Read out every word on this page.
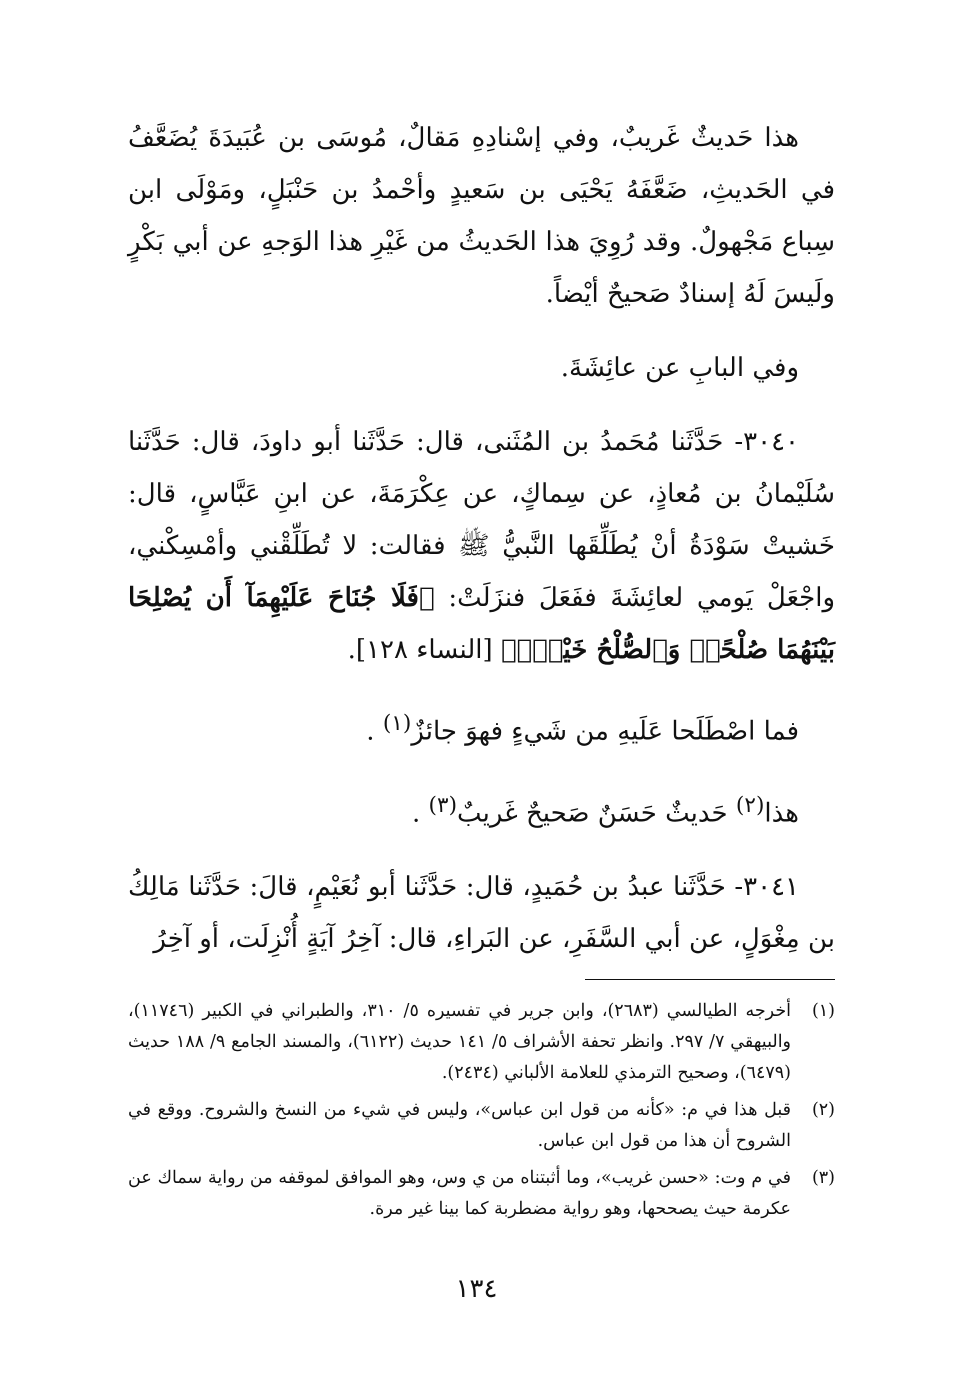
هذا حَديثٌ غَريبٌ، وفي إسْنادِهِ مَقالٌ، مُوسَى بن عُبَيدَةَ يُضَعَّفُ في الحَديثِ، ضَعَّفَهُ يَحْيَى بن سَعيدٍ وأحْمدُ بن حَنْبَلٍ، ومَوْلَى ابن سِباع مَجْهولٌ. وقد رُوِيَ هذا الحَديثُ من غَيْرِ هذا الوَجهِ عن أبي بَكْرٍ ولَيسَ لَهُ إسنادٌ صَحيحٌ أيْضاً.

وفي البابِ عن عائِشَةَ.

٣٠٤٠- حَدَّثَنا مُحَمدُ بن المُثَنى، قال: حَدَّثَنا أبو داودَ، قال: حَدَّثَنا سُلَيْمانُ بن مُعاذٍ، عن سِماكٍ، عن عِكْرَمَةَ، عن ابنِ عَبَّاسٍ، قال: خَشيتْ سَوْدَةُ أنْ يُطَلِّقَها النَّبيُّ ﷺ فقالت: لا تُطَلِّقْني وأمْسِكْني، واجْعَلْ يَومي لعائِشَةَ ففَعَلَ فنزَلَتْ: ﴿فَلَا جُنَاحَ عَلَيْهِمَآ أَن يُصْلِحَا بَيْنَهُمَا صُلْحًاۚ وَٱلصُّلْحُ خَيْرٌۗ﴾ [النساء ١٢٨].

فما اصْطَلَحا عَلَيهِ من شَيءٍ فهوَ جائزٌ$^{(١)}$ .

هذا$^{(٢)}$ حَديثٌ حَسَنٌ صَحيحٌ غَريبٌ$^{(٣)}$ .

٣٠٤١- حَدَّثَنا عبدُ بن حُمَيدٍ، قال: حَدَّثَنا أبو نُعَيْمٍ، قالَ: حَدَّثَنا مَالِكُ بن مِغْوَلٍ، عن أبي السَّفَرِ، عن البَراءِ، قال: آخِرُ آيَةٍ أُنْزِلَت، أو آخِرُ

(١)
أخرجه الطيالسي (٢٦٨٣)، وابن جرير في تفسيره ٥/ ٣١٠، والطبراني في الكبير (١١٧٤٦)، والبيهقي ٧/ ٢٩٧. وانظر تحفة الأشراف ٥/ ١٤١ حديث (٦١٢٢)، والمسند الجامع ٩/ ١٨٨ حديث (٦٤٧٩)، وصحيح الترمذي للعلامة الألباني (٢٤٣٤).
(٢)
قبل هذا في م: «كأنه من قول ابن عباس»، وليس في شيء من النسخ والشروح. ووقع في الشروح أن هذا من قول ابن عباس.
(٣)
في م وت: «حسن غريب»، وما أثبتناه من ي وس، وهو الموافق لموقفه من رواية سماك عن عكرمة حيث يصححها، وهو رواية مضطربة كما بينا غير مرة.
١٣٤
